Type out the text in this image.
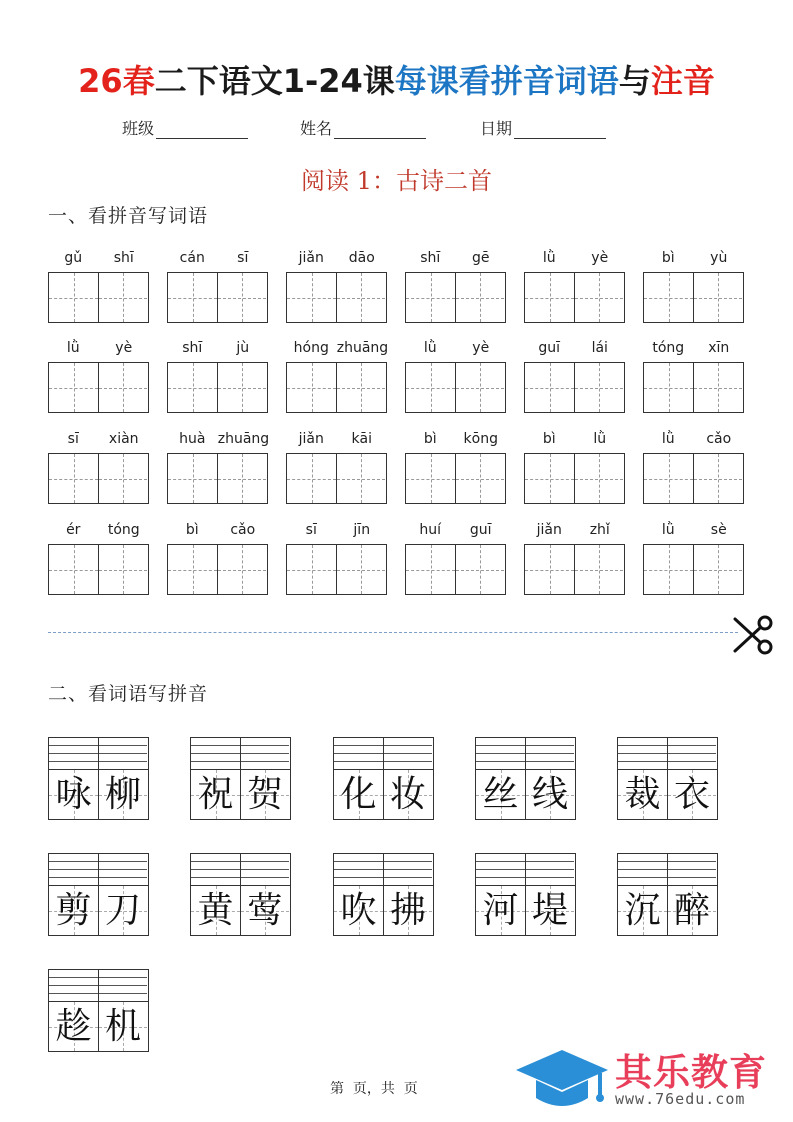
26春二下语文1-24课每课看拼音词语与注音
班级	姓名	日期
阅读 1：古诗二首
一、看拼音写词语
gǔ	shī	cán	sī	jiǎn	dāo	shī	gē	lǜ	yè	bì	yù
lǜ	yè	shī	jù	hóng zhuāng	lǜ	yè	guī	lái	tóng	xīn
sī	xiàn	huà zhuāng	jiǎn	kāi	bì	kōng	bì	lǜ	lǜ	cǎo
ér	tóng	bì	cǎo	sī	jīn	huí	guī	jiǎn	zhǐ	lǜ	sè
二、看词语写拼音
咏 柳 祝 贺 化 妆 丝 线 裁 衣
剪 刀 黄 莺 吹 拂 河 堤 沉 醉
趁 机
第  页，共  页	其乐教育
www.76edu.com
